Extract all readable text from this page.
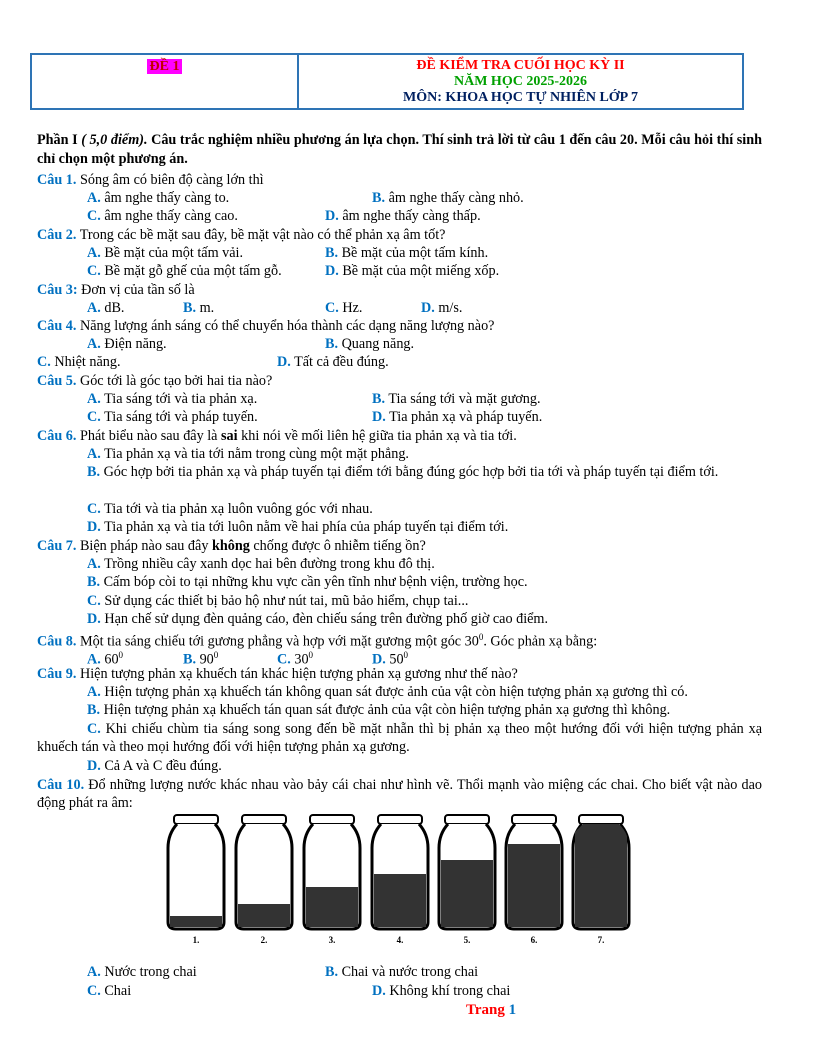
ĐỀ 1	ĐỀ KIỂM TRA CUỐI HỌC KỲ II
NĂM HỌC 2025-2026
MÔN: KHOA HỌC TỰ NHIÊN LỚP 7
Phần I ( 5,0 điểm). Câu trắc nghiệm nhiều phương án lựa chọn. Thí sinh trả lời từ câu 1 đến câu 20. Mỗi câu hỏi thí sinh chỉ chọn một phương án.
Câu 1. Sóng âm có biên độ càng lớn thì
A. âm nghe thấy càng to.	B. âm nghe thấy càng nhỏ.
C. âm nghe thấy càng cao.	D. âm nghe thấy càng thấp.
Câu 2. Trong các bề mặt sau đây, bề mặt vật nào có thể phản xạ âm tốt?
A. Bề mặt của một tấm vải.	B. Bề mặt của một tấm kính.
C. Bề mặt gỗ ghế của một tấm gỗ.	D. Bề mặt của một miếng xốp.
Câu 3: Đơn vị của tần số là
A. dB.	B. m.	C. Hz.	D. m/s.
Câu 4. Năng lượng ánh sáng có thể chuyển hóa thành các dạng năng lượng nào?
A. Điện năng.	B. Quang năng.
C. Nhiệt năng.	D. Tất cả đều đúng.
Câu 5. Góc tới là góc tạo bởi hai tia nào?
A. Tia sáng tới và tia phản xạ.	B. Tia sáng tới và mặt gương.
C. Tia sáng tới và pháp tuyến.	D. Tia phản xạ và pháp tuyến.
Câu 6. Phát biểu nào sau đây là sai khi nói về mối liên hệ giữa tia phản xạ và tia tới.
A. Tia phản xạ và tia tới nằm trong cùng một mặt phẳng.
B. Góc hợp bởi tia phản xạ và pháp tuyến tại điểm tới bằng đúng góc hợp bởi tia tới và pháp tuyến tại điểm tới.
C. Tia tới và tia phản xạ luôn vuông góc với nhau.
D. Tia phản xạ và tia tới luôn nằm về hai phía của pháp tuyến tại điểm tới.
Câu 7. Biện pháp nào sau đây không chống được ô nhiễm tiếng ồn?
A. Trồng nhiều cây xanh dọc hai bên đường trong khu đô thị.
B. Cấm bóp còi to tại những khu vực cần yên tĩnh như bệnh viện, trường học.
C. Sử dụng các thiết bị bảo hộ như nút tai, mũ bảo hiểm, chụp tai...
D. Hạn chế sử dụng đèn quảng cáo, đèn chiếu sáng trên đường phố giờ cao điểm.
Câu 8. Một tia sáng chiếu tới gương phẳng và hợp với mặt gương một góc $30^0$. Góc phản xạ bằng:
A. $60^0$	B. $90^0$	C. $30^0$	D. $50^0$
Câu 9. Hiện tượng phản xạ khuếch tán khác hiện tượng phản xạ gương như thế nào?
A. Hiện tượng phản xạ khuếch tán không quan sát được ảnh của vật còn hiện tượng phản xạ gương thì có.
B. Hiện tượng phản xạ khuếch tán quan sát được ảnh của vật còn hiện tượng phản xạ gương thì không.
C. Khi chiếu chùm tia sáng song song đến bề mặt nhẵn thì bị phản xạ theo một hướng đối với hiện tượng phản xạ khuếch tán và theo mọi hướng đối với hiện tượng phản xạ gương.
D. Cả A và C đều đúng.
Câu 10. Đổ những lượng nước khác nhau vào bảy cái chai như hình vẽ. Thổi mạnh vào miệng các chai. Cho biết vật nào dao động phát ra âm:
A. Nước trong chai	B. Chai và nước trong chai
C. Chai	D. Không khí trong chai
1.	2.	3.	4.	5.	6.	7.
Trang 1
